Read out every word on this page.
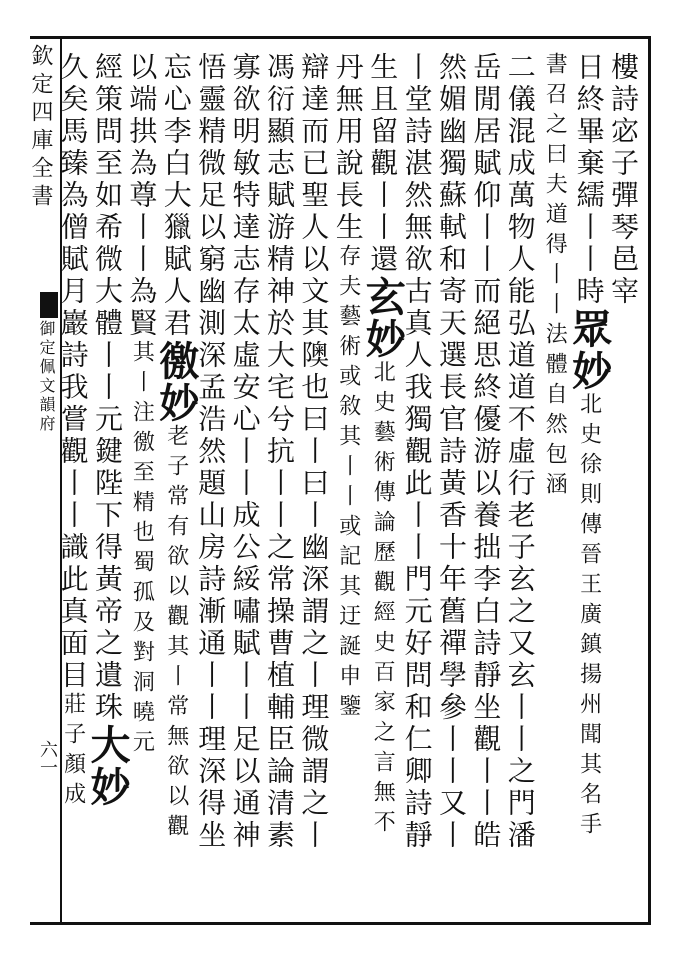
欽定四庫全書
御定佩文韻府
六一
樓詩宓子彈琴邑宰
日終畢棄繻丨丨時眾妙北史徐則傳晉王廣鎮揚州聞其名手
書召之曰夫道得丨丨法體自然包涵
二儀混成萬物人能弘道道不虛行老子玄之又玄丨丨之門潘
岳閒居賦仰丨丨而絕思終優游以養拙李白詩靜坐觀丨丨皓
然媚幽獨蘇軾和寄天選長官詩黃香十年舊禪學參丨丨又丨
丨堂詩湛然無欲古真人我獨觀此丨丨門元好問和仁卿詩靜
生且留觀丨丨還玄妙北史藝術傳論歷觀經史百家之言無不
丹無用說長生存夫藝術或敘其丨丨或記其迂誕申鑒
辯達而已聖人以文其隩也曰丨曰丨幽深謂之丨理微謂之丨
馮衍顯志賦游精神於大宅兮抗丨丨之常操曹植輔臣論清素
寡欲明敏特達志存太虛安心丨丨成公綏嘯賦丨丨足以通神
悟靈精微足以窮幽測深孟浩然題山房詩漸通丨丨理深得坐
忘心李白大獵賦人君徼妙老子常有欲以觀其丨常無欲以觀
以端拱為尊丨丨為賢其丨注徼至精也蜀孤及對洞曉元
經策問至如希微大體丨丨元鍵陛下得黃帝之遺珠大妙
久矣馬臻為僧賦月巖詩我嘗觀丨丨識此真面目莊子顏成
